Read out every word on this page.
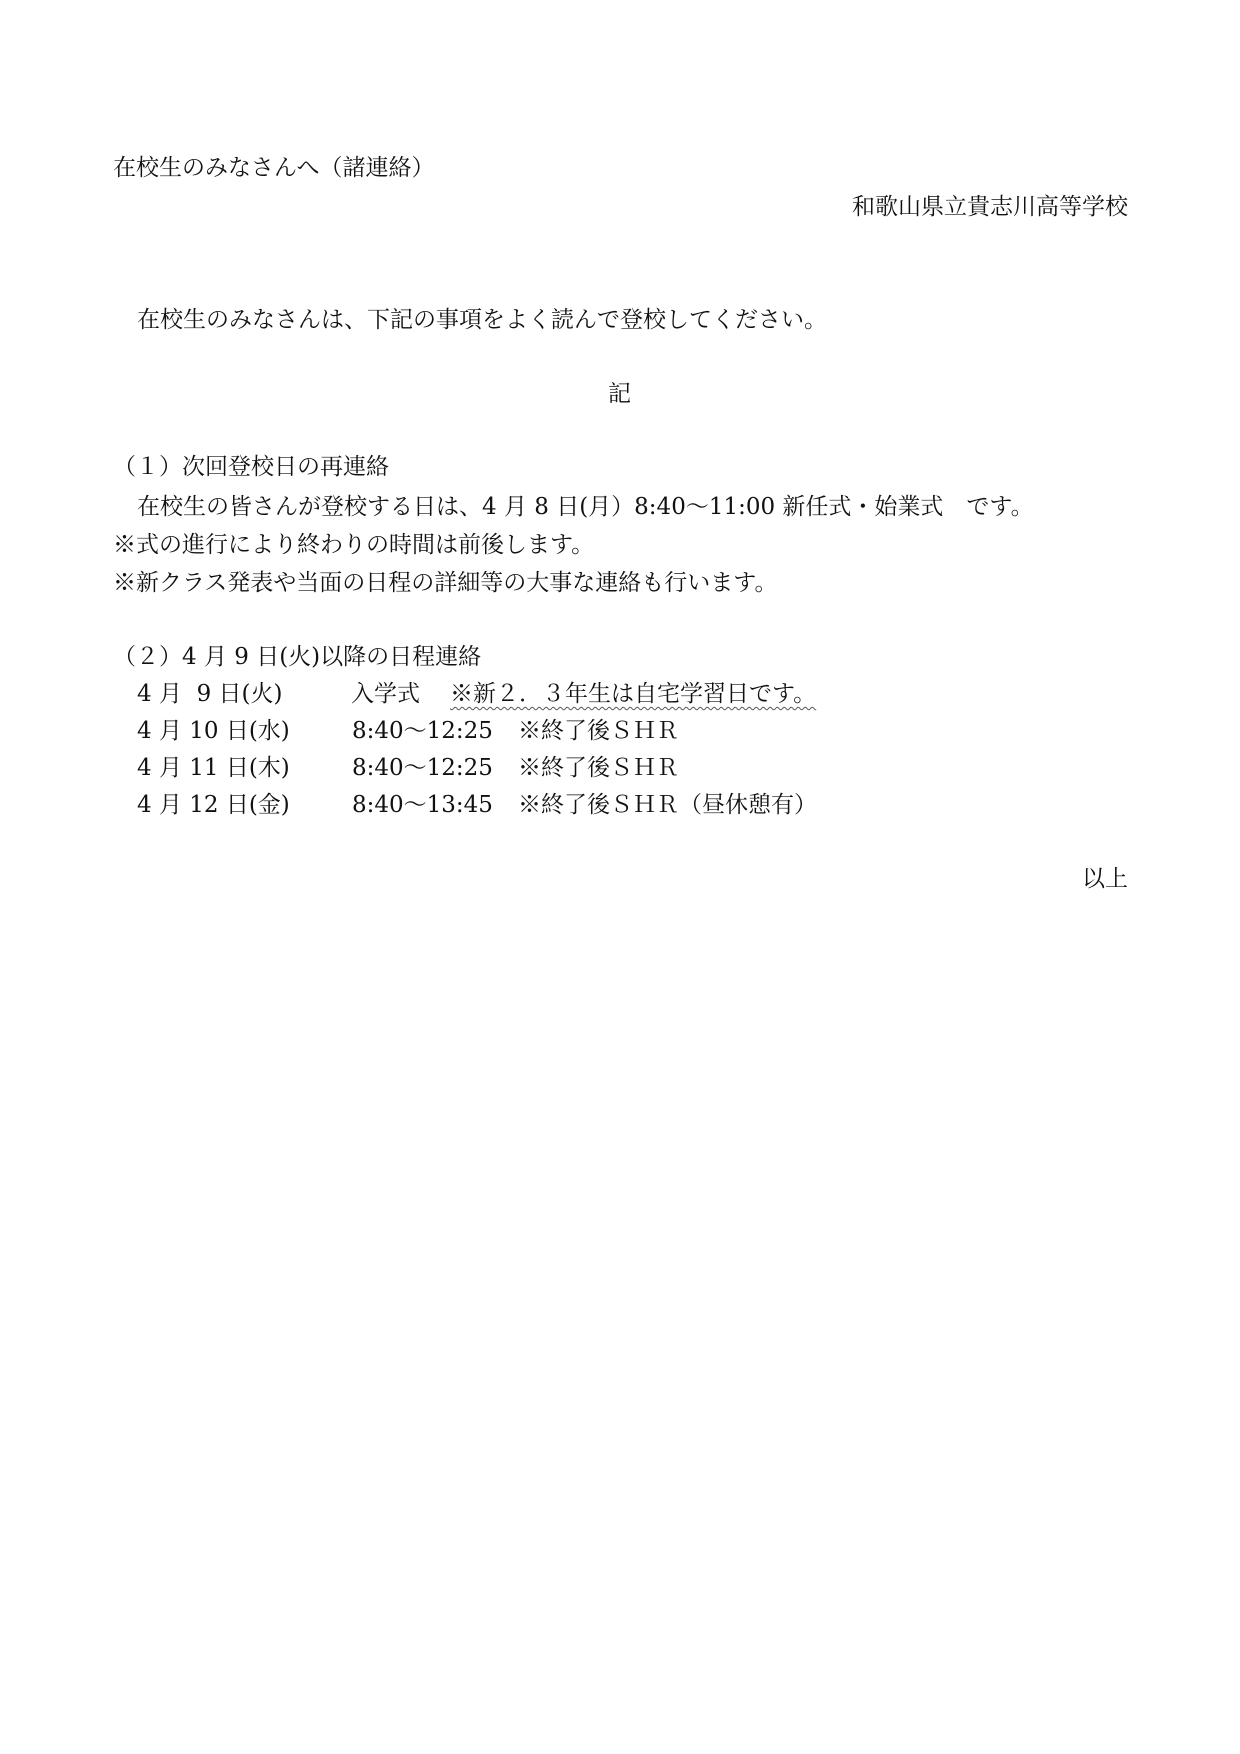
在校生のみなさんへ（諸連絡）
和歌山県立貴志川高等学校
在校生のみなさんは、下記の事項をよく読んで登校してください。
記
（１）次回登校日の再連絡
在校生の皆さんが登校する日は、4 月 8 日(月）8:40～11:00 新任式・始業式　です。
※式の進行により終わりの時間は前後します。
※新クラス発表や当面の日程の詳細等の大事な連絡も行います。
（２）4 月 9 日(火)以降の日程連絡
4 月  9 日(火)	入学式 ※新２．３年生は自宅学習日です。
4 月 10 日(水)	8:40～12:25 ※終了後ＳＨＲ
4 月 11 日(木)	8:40～12:25 ※終了後ＳＨＲ
4 月 12 日(金)	8:40～13:45 ※終了後ＳＨＲ（昼休憩有）
以上
